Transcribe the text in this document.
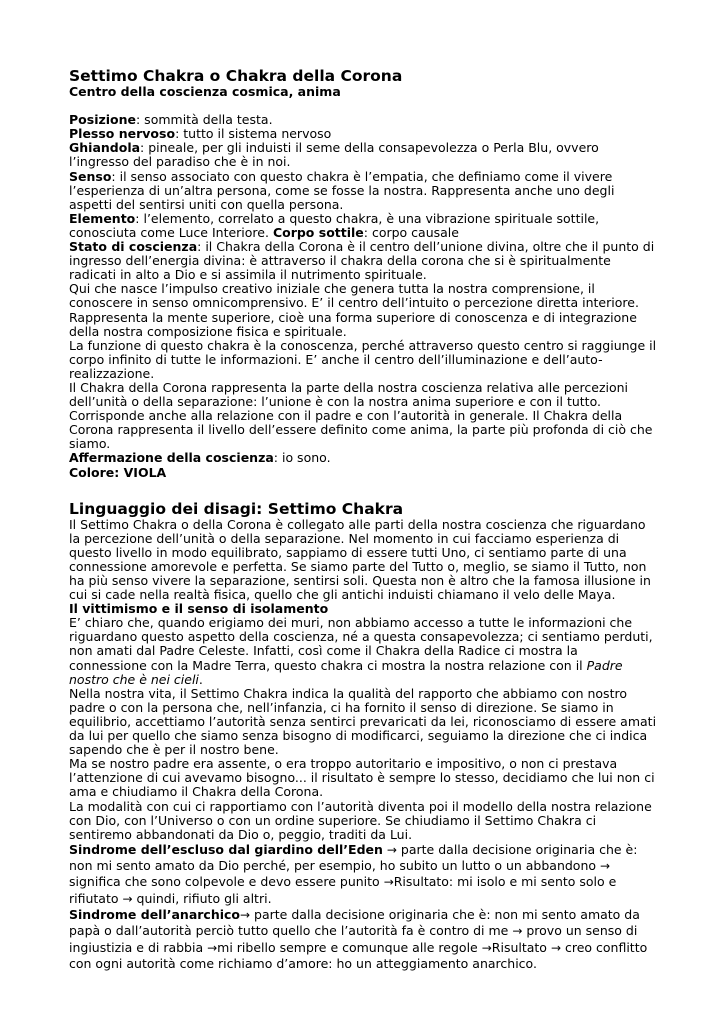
Settimo Chakra o Chakra della Corona
Centro della coscienza cosmica, anima

Posizione: sommità della testa.

Plesso nervoso: tutto il sistema nervoso

Ghiandola: pineale, per gli induisti il seme della consapevolezza o Perla Blu, ovvero l’ingresso del paradiso che è in noi.

Senso: il senso associato con questo chakra è l’empatia, che definiamo come il vivere l’esperienza di un’altra persona, come se fosse la nostra. Rappresenta anche uno degli aspetti del sentirsi uniti con quella persona.

Elemento: l’elemento, correlato a questo chakra, è una vibrazione spirituale sottile, conosciuta come Luce Interiore. Corpo sottile: corpo causale

Stato di coscienza: il Chakra della Corona è il centro dell’unione divina, oltre che il punto di ingresso dell’energia divina: è attraverso il chakra della corona che si è spiritualmente radicati in alto a Dio e si assimila il nutrimento spirituale.

Qui che nasce l’impulso creativo iniziale che genera tutta la nostra comprensione, il conoscere in senso omnicomprensivo. E’ il centro dell’intuito o percezione diretta interiore. Rappresenta la mente superiore, cioè una forma superiore di conoscenza e di integrazione della nostra composizione fisica e spirituale.

La funzione di questo chakra è la conoscenza, perché attraverso questo centro si raggiunge il corpo infinito di tutte le informazioni. E’ anche il centro dell’illuminazione e dell’auto-realizzazione.

Il Chakra della Corona rappresenta la parte della nostra coscienza relativa alle percezioni dell’unità o della separazione: l’unione è con la nostra anima superiore e con il tutto. Corrisponde anche alla relazione con il padre e con l’autorità in generale. Il Chakra della Corona rappresenta il livello dell’essere definito come anima, la parte più profonda di ciò che siamo.

Affermazione della coscienza: io sono.

Colore: VIOLA

Linguaggio dei disagi: Settimo Chakra

Il Settimo Chakra o della Corona è collegato alle parti della nostra coscienza che riguardano la percezione dell’unità o della separazione. Nel momento in cui facciamo esperienza di questo livello in modo equilibrato, sappiamo di essere tutti Uno, ci sentiamo parte di una connessione amorevole e perfetta. Se siamo parte del Tutto o, meglio, se siamo il Tutto, non ha più senso vivere la separazione, sentirsi soli. Questa non è altro che la famosa illusione in cui si cade nella realtà fisica, quello che gli antichi induisti chiamano il velo delle Maya.

Il vittimismo e il senso di isolamento

E’ chiaro che, quando erigiamo dei muri, non abbiamo accesso a tutte le informazioni che riguardano questo aspetto della coscienza, né a questa consapevolezza; ci sentiamo perduti, non amati dal Padre Celeste. Infatti, così come il Chakra della Radice ci mostra la connessione con la Madre Terra, questo chakra ci mostra la nostra relazione con il Padre nostro che è nei cieli.

Nella nostra vita, il Settimo Chakra indica la qualità del rapporto che abbiamo con nostro padre o con la persona che, nell’infanzia, ci ha fornito il senso di direzione. Se siamo in equilibrio, accettiamo l’autorità senza sentirci prevaricati da lei, riconosciamo di essere amati da lui per quello che siamo senza bisogno di modificarci, seguiamo la direzione che ci indica sapendo che è per il nostro bene.

Ma se nostro padre era assente, o era troppo autoritario e impositivo, o non ci prestava l’attenzione di cui avevamo bisogno... il risultato è sempre lo stesso, decidiamo che lui non ci ama e chiudiamo il Chakra della Corona.

La modalità con cui ci rapportiamo con l’autorità diventa poi il modello della nostra relazione con Dio, con l’Universo o con un ordine superiore. Se chiudiamo il Settimo Chakra ci sentiremo abbandonati da Dio o, peggio, traditi da Lui.

Sindrome dell’escluso dal giardino dell’Eden → parte dalla decisione originaria che è: non mi sento amato da Dio perché, per esempio, ho subito un lutto o un abbandono → significa che sono colpevole e devo essere punito →Risultato: mi isolo e mi sento solo e rifiutato → quindi, rifiuto gli altri.

Sindrome dell’anarchico→ parte dalla decisione originaria che è: non mi sento amato da papà o dall’autorità perciò tutto quello che l’autorità fa è contro di me → provo un senso di ingiustizia e di rabbia →mi ribello sempre e comunque alle regole →Risultato → creo conflitto con ogni autorità come richiamo d’amore: ho un atteggiamento anarchico.
